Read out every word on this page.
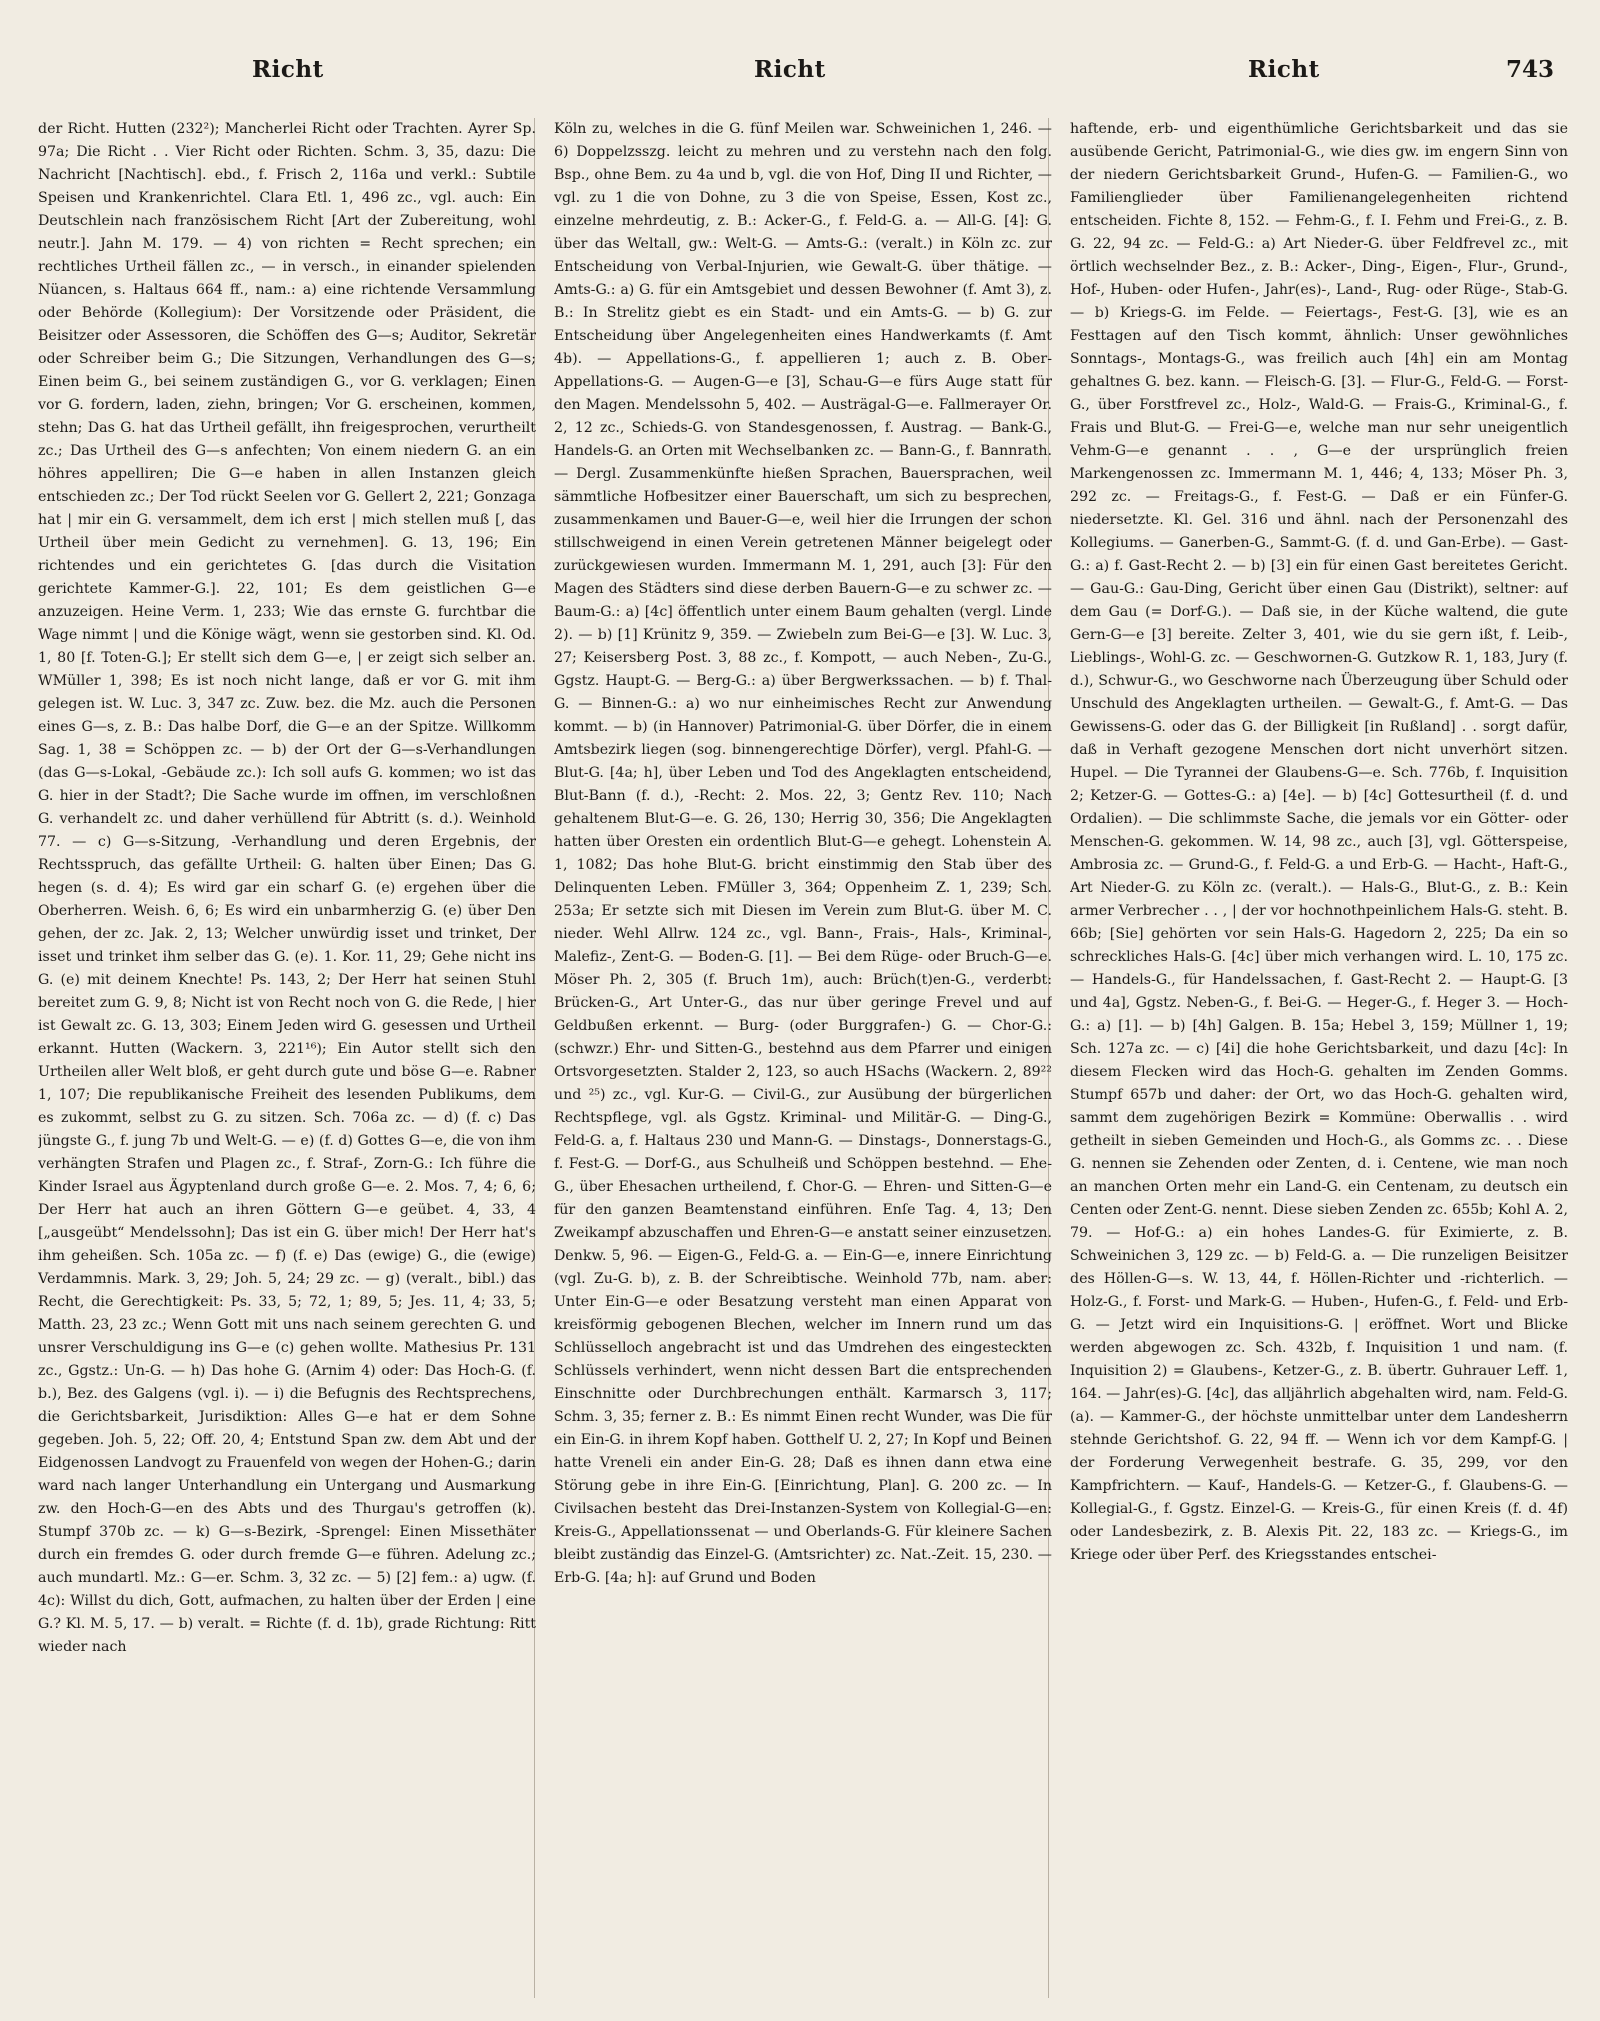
Richt	Richt	Richt	743

der Richt. Hutten (232²); Mancherlei Richt oder Trachten. Ayrer Sp. 97a; Die Richt . . Vier Richt oder Richten. Schm. 3, 35, dazu: Die Nachricht [Nachtisch]. ebd., f. Frisch 2, 116a und verkl.: Subtile Speisen und Krankenrichtel. Clara Etl. 1, 496 zc., vgl. auch: Ein Deutschlein nach französischem Richt [Art der Zubereitung, wohl neutr.]. Jahn M. 179. — 4) von richten = Recht sprechen; ein rechtliches Urtheil fällen zc., — in versch., in einander spielenden Nüancen, s. Haltaus 664 ff., nam.: a) eine richtende Versammlung oder Behörde (Kollegium): Der Vorsitzende oder Präsident, die Beisitzer oder Assessoren, die Schöffen des G—s; Auditor, Sekretär oder Schreiber beim G.; Die Sitzungen, Verhandlungen des G—s; Einen beim G., bei seinem zuständigen G., vor G. verklagen; Einen vor G. fordern, laden, ziehn, bringen; Vor G. erscheinen, kommen, stehn; Das G. hat das Urtheil gefällt, ihn freigesprochen, verurtheilt zc.; Das Urtheil des G—s anfechten; Von einem niedern G. an ein höhres appelliren; Die G—e haben in allen Instanzen gleich entschieden zc.; Der Tod rückt Seelen vor G. Gellert 2, 221; Gonzaga hat | mir ein G. versammelt, dem ich erst | mich stellen muß [, das Urtheil über mein Gedicht zu vernehmen]. G. 13, 196; Ein richtendes und ein gerichtetes G. [das durch die Visitation gerichtete Kammer-G.]. 22, 101; Es dem geistlichen G—e anzuzeigen. Heine Verm. 1, 233; Wie das ernste G. furchtbar die Wage nimmt | und die Könige wägt, wenn sie gestorben sind. Kl. Od. 1, 80 [f. Toten-G.]; Er stellt sich dem G—e, | er zeigt sich selber an. WMüller 1, 398; Es ist noch nicht lange, daß er vor G. mit ihm gelegen ist. W. Luc. 3, 347 zc. Zuw. bez. die Mz. auch die Personen eines G—s, z. B.: Das halbe Dorf, die G—e an der Spitze. Willkomm Sag. 1, 38 = Schöppen zc. — b) der Ort der G—s-Verhandlungen (das G—s-Lokal, -Gebäude zc.): Ich soll aufs G. kommen; wo ist das G. hier in der Stadt?; Die Sache wurde im offnen, im verschloßnen G. verhandelt zc. und daher verhüllend für Abtritt (s. d.). Weinhold 77. — c) G—s-Sitzung, -Verhandlung und deren Ergebnis, der Rechtsspruch, das gefällte Urtheil: G. halten über Einen; Das G. hegen (s. d. 4); Es wird gar ein scharf G. (e) ergehen über die Oberherren. Weish. 6, 6; Es wird ein unbarmherzig G. (e) über Den gehen, der zc. Jak. 2, 13; Welcher unwürdig isset und trinket, Der isset und trinket ihm selber das G. (e). 1. Kor. 11, 29; Gehe nicht ins G. (e) mit deinem Knechte! Ps. 143, 2; Der Herr hat seinen Stuhl bereitet zum G. 9, 8; Nicht ist von Recht noch von G. die Rede, | hier ist Gewalt zc. G. 13, 303; Einem Jeden wird G. gesessen und Urtheil erkannt. Hutten (Wackern. 3, 221¹⁶); Ein Autor stellt sich den Urtheilen aller Welt bloß, er geht durch gute und böse G—e. Rabner 1, 107; Die republikanische Freiheit des lesenden Publikums, dem es zukommt, selbst zu G. zu sitzen. Sch. 706a zc. — d) (f. c) Das jüngste G., f. jung 7b und Welt-G. — e) (f. d) Gottes G—e, die von ihm verhängten Strafen und Plagen zc., f. Straf-, Zorn-G.: Ich führe die Kinder Israel aus Ägyptenland durch große G—e. 2. Mos. 7, 4; 6, 6; Der Herr hat auch an ihren Göttern G—e geübet. 4, 33, 4 [„ausgeübt“ Mendelssohn]; Das ist ein G. über mich! Der Herr hat's ihm geheißen. Sch. 105a zc. — f) (f. e) Das (ewige) G., die (ewige) Verdammnis. Mark. 3, 29; Joh. 5, 24; 29 zc. — g) (veralt., bibl.) das Recht, die Gerechtigkeit: Ps. 33, 5; 72, 1; 89, 5; Jes. 11, 4; 33, 5; Matth. 23, 23 zc.; Wenn Gott mit uns nach seinem gerechten G. und unsrer Verschuldigung ins G—e (c) gehen wollte. Mathesius Pr. 131 zc., Ggstz.: Un-G. — h) Das hohe G. (Arnim 4) oder: Das Hoch-G. (f. b.), Bez. des Galgens (vgl. i). — i) die Befugnis des Rechtsprechens, die Gerichtsbarkeit, Jurisdiktion: Alles G—e hat er dem Sohne gegeben. Joh. 5, 22; Off. 20, 4; Entstund Span zw. dem Abt und der Eidgenossen Landvogt zu Frauenfeld von wegen der Hohen-G.; darin ward nach langer Unterhandlung ein Untergang und Ausmarkung zw. den Hoch-G—en des Abts und des Thurgau's getroffen (k). Stumpf 370b zc. — k) G—s-Bezirk, -Sprengel: Einen Missethäter durch ein fremdes G. oder durch fremde G—e führen. Adelung zc.; auch mundartl. Mz.: G—er. Schm. 3, 32 zc. — 5) [2] fem.: a) ugw. (f. 4c): Willst du dich, Gott, aufmachen, zu halten über der Erden | eine G.? Kl. M. 5, 17. — b) veralt. = Richte (f. d. 1b), grade Richtung: Ritt wieder nach

Köln zu, welches in die G. fünf Meilen war. Schweinichen 1, 246. — 6) Doppelzsszg. leicht zu mehren und zu verstehn nach den folg. Bsp., ohne Bem. zu 4a und b, vgl. die von Hof, Ding II und Richter, — vgl. zu 1 die von Dohne, zu 3 die von Speise, Essen, Kost zc., einzelne mehrdeutig, z. B.: Acker-G., f. Feld-G. a. — All-G. [4]: G. über das Weltall, gw.: Welt-G. — Amts-G.: (veralt.) in Köln zc. zur Entscheidung von Verbal-Injurien, wie Gewalt-G. über thätige. — Amts-G.: a) G. für ein Amtsgebiet und dessen Bewohner (f. Amt 3), z. B.: In Strelitz giebt es ein Stadt- und ein Amts-G. — b) G. zur Entscheidung über Angelegenheiten eines Handwerkamts (f. Amt 4b). — Appellations-G., f. appellieren 1; auch z. B. Ober-Appellations-G. — Augen-G—e [3], Schau-G—e fürs Auge statt für den Magen. Mendelssohn 5, 402. — Austrägal-G—e. Fallmerayer Or. 2, 12 zc., Schieds-G. von Standesgenossen, f. Austrag. — Bank-G., Handels-G. an Orten mit Wechselbanken zc. — Bann-G., f. Bannrath. — Dergl. Zusammenkünfte hießen Sprachen, Bauersprachen, weil sämmtliche Hofbesitzer einer Bauerschaft, um sich zu besprechen, zusammenkamen und Bauer-G—e, weil hier die Irrungen der schon stillschweigend in einen Verein getretenen Männer beigelegt oder zurückgewiesen wurden. Immermann M. 1, 291, auch [3]: Für den Magen des Städters sind diese derben Bauern-G—e zu schwer zc. — Baum-G.: a) [4c] öffentlich unter einem Baum gehalten (vergl. Linde 2). — b) [1] Krünitz 9, 359. — Zwiebeln zum Bei-G—e [3]. W. Luc. 3, 27; Keisersberg Post. 3, 88 zc., f. Kompott, — auch Neben-, Zu-G., Ggstz. Haupt-G. — Berg-G.: a) über Bergwerkssachen. — b) f. Thal-G. — Binnen-G.: a) wo nur einheimisches Recht zur Anwendung kommt. — b) (in Hannover) Patrimonial-G. über Dörfer, die in einem Amtsbezirk liegen (sog. binnengerechtige Dörfer), vergl. Pfahl-G. — Blut-G. [4a; h], über Leben und Tod des Angeklagten entscheidend, Blut-Bann (f. d.), -Recht: 2. Mos. 22, 3; Gentz Rev. 110; Nach gehaltenem Blut-G—e. G. 26, 130; Herrig 30, 356; Die Angeklagten hatten über Oresten ein ordentlich Blut-G—e gehegt. Lohenstein A. 1, 1082; Das hohe Blut-G. bricht einstimmig den Stab über des Delinquenten Leben. FMüller 3, 364; Oppenheim Z. 1, 239; Sch. 253a; Er setzte sich mit Diesen im Verein zum Blut-G. über M. C. nieder. Wehl Allrw. 124 zc., vgl. Bann-, Frais-, Hals-, Kriminal-, Malefiz-, Zent-G. — Boden-G. [1]. — Bei dem Rüge- oder Bruch-G—e. Möser Ph. 2, 305 (f. Bruch 1m), auch: Brüch(t)en-G., verderbt: Brücken-G., Art Unter-G., das nur über geringe Frevel und auf Geldbußen erkennt. — Burg- (oder Burggrafen-) G. — Chor-G.: (schwzr.) Ehr- und Sitten-G., bestehnd aus dem Pfarrer und einigen Ortsvorgesetzten. Stalder 2, 123, so auch HSachs (Wackern. 2, 89²² und ²⁵) zc., vgl. Kur-G. — Civil-G., zur Ausübung der bürgerlichen Rechtspflege, vgl. als Ggstz. Kriminal- und Militär-G. — Ding-G., Feld-G. a, f. Haltaus 230 und Mann-G. — Dinstags-, Donnerstags-G., f. Fest-G. — Dorf-G., aus Schulheiß und Schöppen bestehnd. — Ehe-G., über Ehesachen urtheilend, f. Chor-G. — Ehren- und Sitten-G—e für den ganzen Beamtenstand einführen. Enſe Tag. 4, 13; Den Zweikampf abzuschaffen und Ehren-G—e anstatt seiner einzusetzen. Denkw. 5, 96. — Eigen-G., Feld-G. a. — Ein-G—e, innere Einrichtung (vgl. Zu-G. b), z. B. der Schreibtische. Weinhold 77b, nam. aber: Unter Ein-G—e oder Besatzung versteht man einen Apparat von kreisförmig gebogenen Blechen, welcher im Innern rund um das Schlüsselloch angebracht ist und das Umdrehen des eingesteckten Schlüssels verhindert, wenn nicht dessen Bart die entsprechenden Einschnitte oder Durchbrechungen enthält. Karmarsch 3, 117; Schm. 3, 35; ferner z. B.: Es nimmt Einen recht Wunder, was Die für ein Ein-G. in ihrem Kopf haben. Gotthelf U. 2, 27; In Kopf und Beinen hatte Vreneli ein ander Ein-G. 28; Daß es ihnen dann etwa eine Störung gebe in ihre Ein-G. [Einrichtung, Plan]. G. 200 zc. — In Civilsachen besteht das Drei-Instanzen-System von Kollegial-G—en: Kreis-G., Appellationssenat — und Oberlands-G. Für kleinere Sachen bleibt zuständig das Einzel-G. (Amtsrichter) zc. Nat.-Zeit. 15, 230. — Erb-G. [4a; h]: auf Grund und Boden

haftende, erb- und eigenthümliche Gerichtsbarkeit und das sie ausübende Gericht, Patrimonial-G., wie dies gw. im engern Sinn von der niedern Gerichtsbarkeit Grund-, Hufen-G. — Familien-G., wo Familienglieder über Familienangelegenheiten richtend entscheiden. Fichte 8, 152. — Fehm-G., f. I. Fehm und Frei-G., z. B. G. 22, 94 zc. — Feld-G.: a) Art Nieder-G. über Feldfrevel zc., mit örtlich wechselnder Bez., z. B.: Acker-, Ding-, Eigen-, Flur-, Grund-, Hof-, Huben- oder Hufen-, Jahr(es)-, Land-, Rug- oder Rüge-, Stab-G. — b) Kriegs-G. im Felde. — Feiertags-, Fest-G. [3], wie es an Festtagen auf den Tisch kommt, ähnlich: Unser gewöhnliches Sonntags-, Montags-G., was freilich auch [4h] ein am Montag gehaltnes G. bez. kann. — Fleisch-G. [3]. — Flur-G., Feld-G. — Forst-G., über Forstfrevel zc., Holz-, Wald-G. — Frais-G., Kriminal-G., f. Frais und Blut-G. — Frei-G—e, welche man nur sehr uneigentlich Vehm-G—e genannt . . , G—e der ursprünglich freien Markengenossen zc. Immermann M. 1, 446; 4, 133; Möser Ph. 3, 292 zc. — Freitags-G., f. Fest-G. — Daß er ein Fünfer-G. niedersetzte. Kl. Gel. 316 und ähnl. nach der Personenzahl des Kollegiums. — Ganerben-G., Sammt-G. (f. d. und Gan-Erbe). — Gast-G.: a) f. Gast-Recht 2. — b) [3] ein für einen Gast bereitetes Gericht. — Gau-G.: Gau-Ding, Gericht über einen Gau (Distrikt), seltner: auf dem Gau (= Dorf-G.). — Daß sie, in der Küche waltend, die gute Gern-G—e [3] bereite. Zelter 3, 401, wie du sie gern ißt, f. Leib-, Lieblings-, Wohl-G. zc. — Geschwornen-G. Gutzkow R. 1, 183, Jury (f. d.), Schwur-G., wo Geschworne nach Überzeugung über Schuld oder Unschuld des Angeklagten urtheilen. — Gewalt-G., f. Amt-G. — Das Gewissens-G. oder das G. der Billigkeit [in Rußland] . . sorgt dafür, daß in Verhaft gezogene Menschen dort nicht unverhört sitzen. Hupel. — Die Tyrannei der Glaubens-G—e. Sch. 776b, f. Inquisition 2; Ketzer-G. — Gottes-G.: a) [4e]. — b) [4c] Gottesurtheil (f. d. und Ordalien). — Die schlimmste Sache, die jemals vor ein Götter- oder Menschen-G. gekommen. W. 14, 98 zc., auch [3], vgl. Götterspeise, Ambrosia zc. — Grund-G., f. Feld-G. a und Erb-G. — Hacht-, Haft-G., Art Nieder-G. zu Köln zc. (veralt.). — Hals-G., Blut-G., z. B.: Kein armer Verbrecher . . , | der vor hochnothpeinlichem Hals-G. steht. B. 66b; [Sie] gehörten vor sein Hals-G. Hagedorn 2, 225; Da ein so schreckliches Hals-G. [4c] über mich verhangen wird. L. 10, 175 zc. — Handels-G., für Handelssachen, f. Gast-Recht 2. — Haupt-G. [3 und 4a], Ggstz. Neben-G., f. Bei-G. — Heger-G., f. Heger 3. — Hoch-G.: a) [1]. — b) [4h] Galgen. B. 15a; Hebel 3, 159; Müllner 1, 19; Sch. 127a zc. — c) [4i] die hohe Gerichtsbarkeit, und dazu [4c]: In diesem Flecken wird das Hoch-G. gehalten im Zenden Gomms. Stumpf 657b und daher: der Ort, wo das Hoch-G. gehalten wird, sammt dem zugehörigen Bezirk = Kommüne: Oberwallis . . wird getheilt in sieben Gemeinden und Hoch-G., als Gomms zc. . . Diese G. nennen sie Zehenden oder Zenten, d. i. Centene, wie man noch an manchen Orten mehr ein Land-G. ein Centenam, zu deutsch ein Centen oder Zent-G. nennt. Diese sieben Zenden zc. 655b; Kohl A. 2, 79. — Hof-G.: a) ein hohes Landes-G. für Eximierte, z. B. Schweinichen 3, 129 zc. — b) Feld-G. a. — Die runzeligen Beisitzer des Höllen-G—s. W. 13, 44, f. Höllen-Richter und -richterlich. — Holz-G., f. Forst- und Mark-G. — Huben-, Hufen-G., f. Feld- und Erb-G. — Jetzt wird ein Inquisitions-G. | eröffnet. Wort und Blicke werden abgewogen zc. Sch. 432b, f. Inquisition 1 und nam. (f. Inquisition 2) = Glaubens-, Ketzer-G., z. B. übertr. Guhrauer Leff. 1, 164. — Jahr(es)-G. [4c], das alljährlich abgehalten wird, nam. Feld-G. (a). — Kammer-G., der höchste unmittelbar unter dem Landesherrn stehnde Gerichtshof. G. 22, 94 ff. — Wenn ich vor dem Kampf-G. | der Forderung Verwegenheit bestrafe. G. 35, 299, vor den Kampfrichtern. — Kauf-, Handels-G. — Ketzer-G., f. Glaubens-G. — Kollegial-G., f. Ggstz. Einzel-G. — Kreis-G., für einen Kreis (f. d. 4f) oder Landesbezirk, z. B. Alexis Pit. 22, 183 zc. — Kriegs-G., im Kriege oder über Perf. des Kriegsstandes entschei-
